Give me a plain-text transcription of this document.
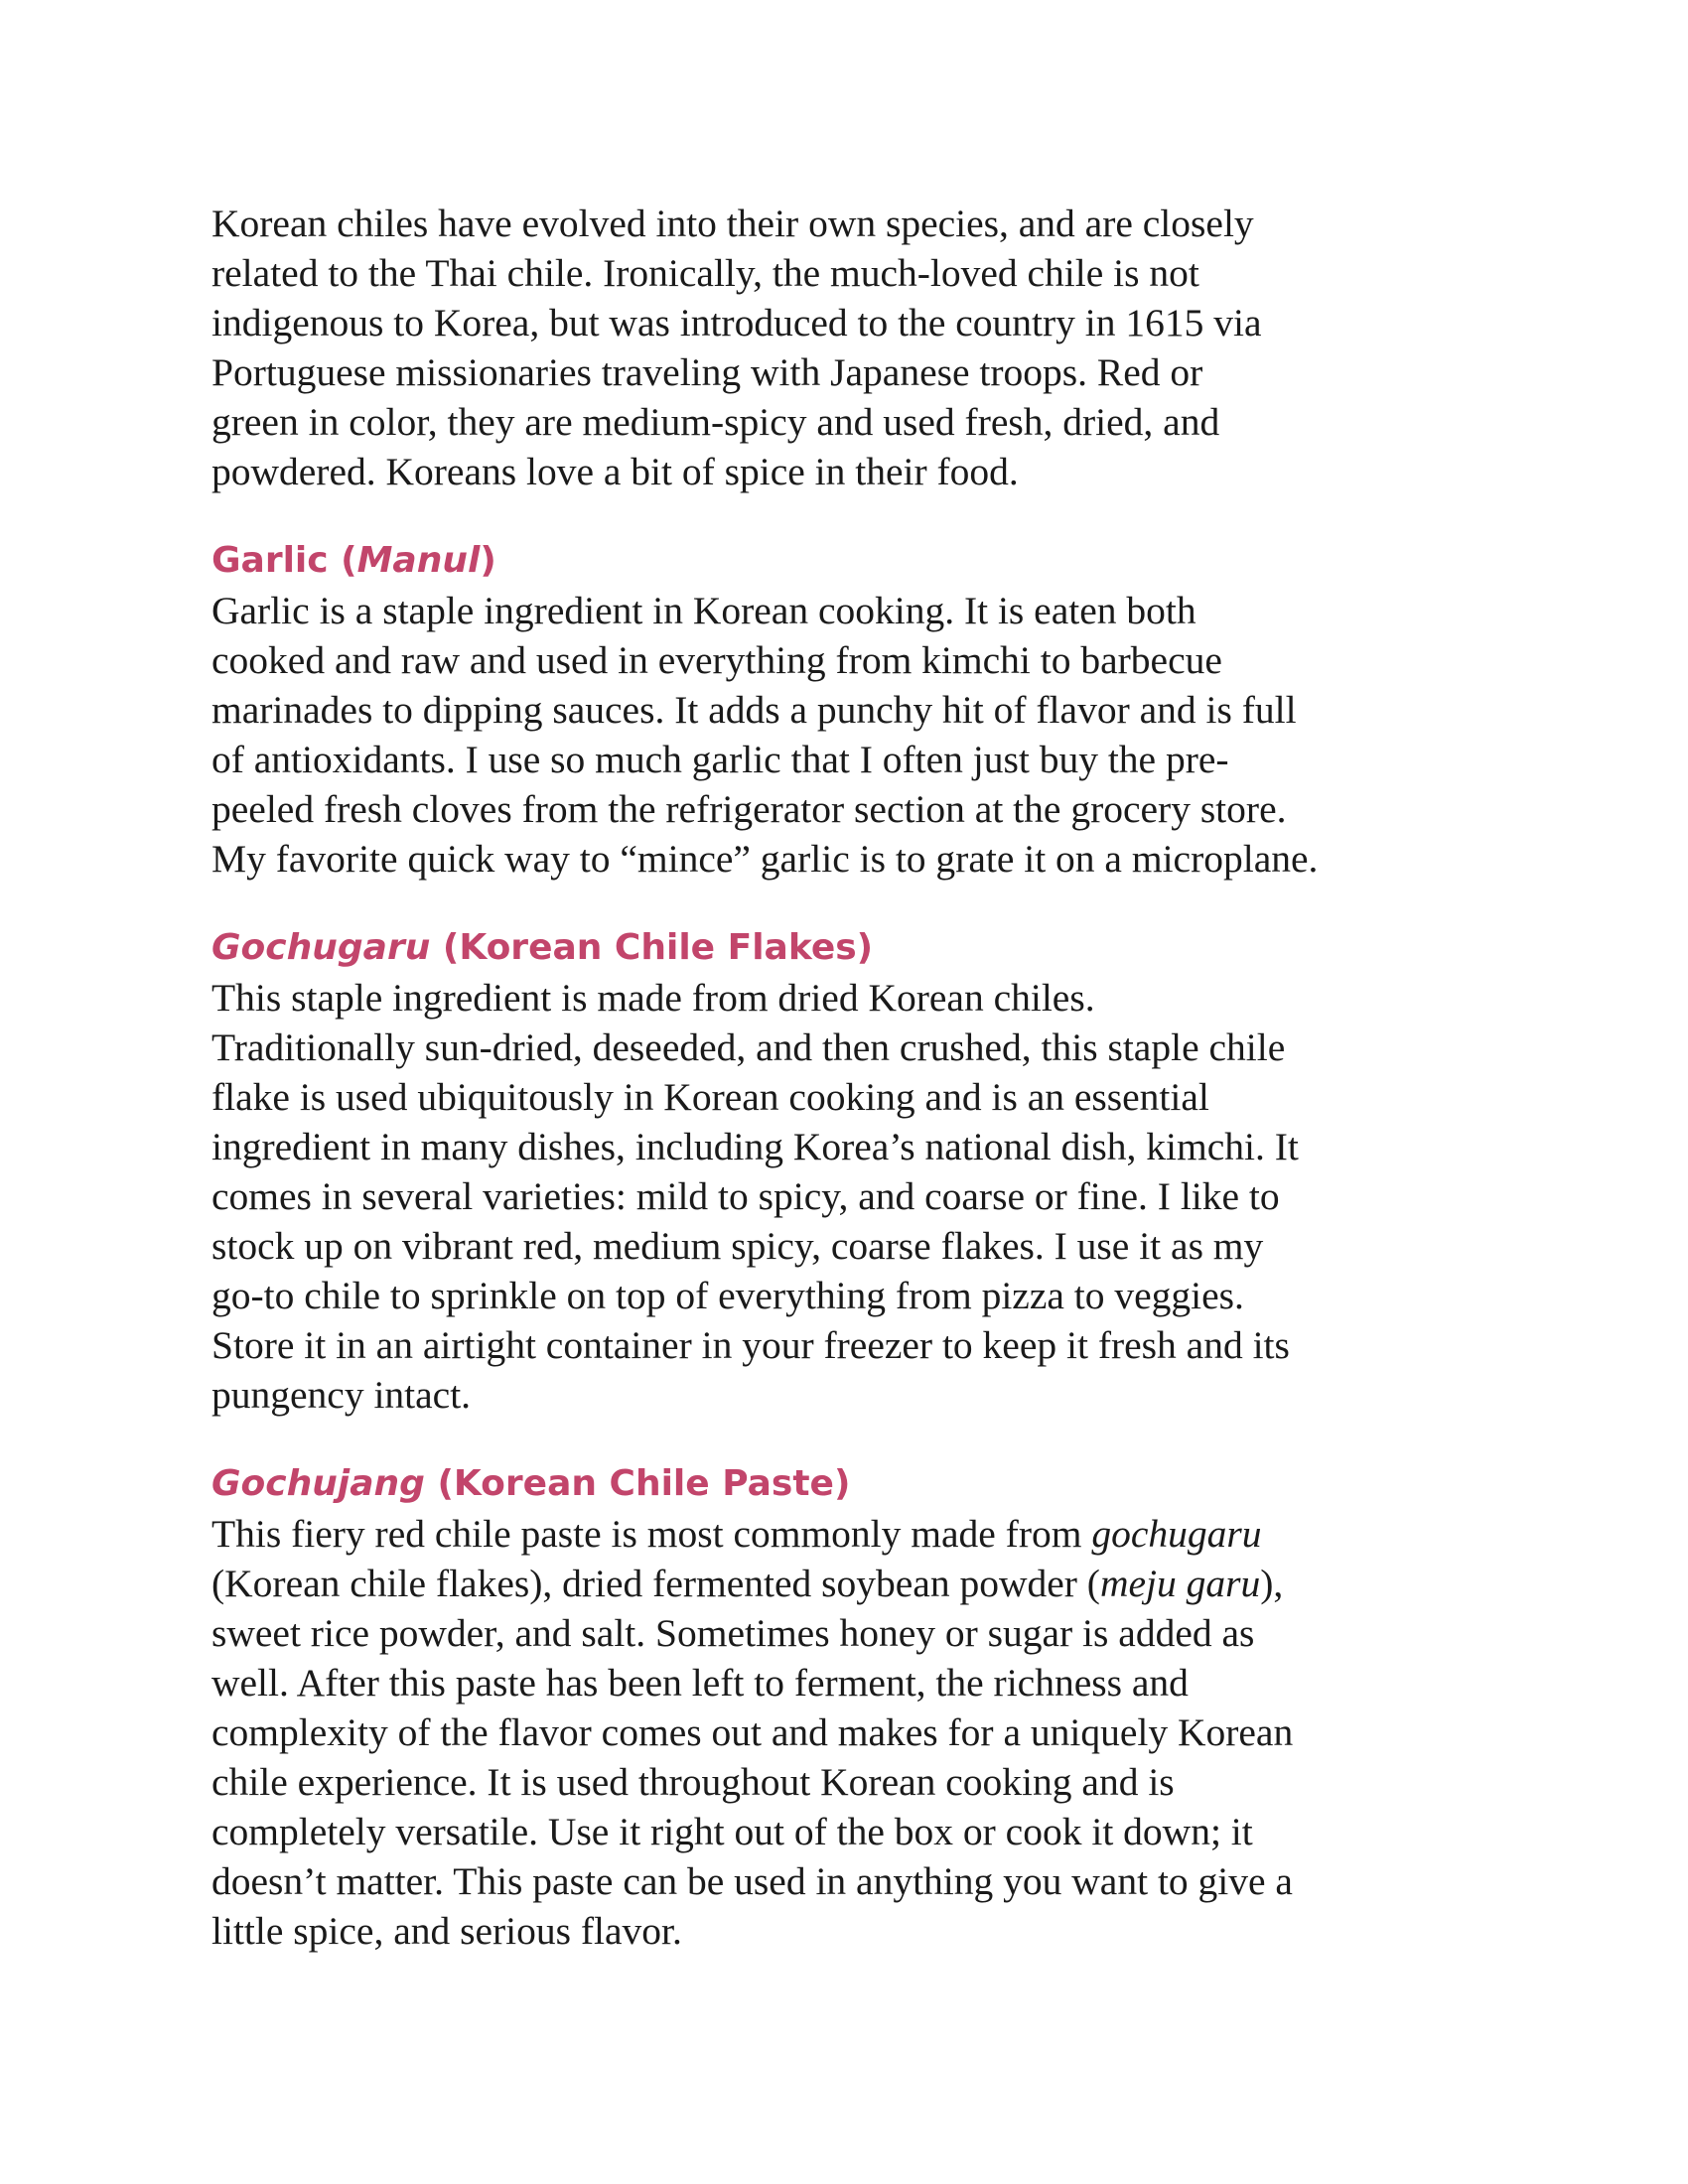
Korean chiles have evolved into their own species, and are closely
related to the Thai chile. Ironically, the much-loved chile is not
indigenous to Korea, but was introduced to the country in 1615 via
Portuguese missionaries traveling with Japanese troops. Red or
green in color, they are medium-spicy and used fresh, dried, and
powdered. Koreans love a bit of spice in their food.

Garlic (Manul)

Garlic is a staple ingredient in Korean cooking. It is eaten both
cooked and raw and used in everything from kimchi to barbecue
marinades to dipping sauces. It adds a punchy hit of flavor and is full
of antioxidants. I use so much garlic that I often just buy the pre-
peeled fresh cloves from the refrigerator section at the grocery store.
My favorite quick way to “mince” garlic is to grate it on a microplane.

Gochugaru (Korean Chile Flakes)

This staple ingredient is made from dried Korean chiles.
Traditionally sun-dried, deseeded, and then crushed, this staple chile
flake is used ubiquitously in Korean cooking and is an essential
ingredient in many dishes, including Korea’s national dish, kimchi. It
comes in several varieties: mild to spicy, and coarse or fine. I like to
stock up on vibrant red, medium spicy, coarse flakes. I use it as my
go-to chile to sprinkle on top of everything from pizza to veggies.
Store it in an airtight container in your freezer to keep it fresh and its
pungency intact.

Gochujang (Korean Chile Paste)

This fiery red chile paste is most commonly made from gochugaru
(Korean chile flakes), dried fermented soybean powder (meju garu),
sweet rice powder, and salt. Sometimes honey or sugar is added as
well. After this paste has been left to ferment, the richness and
complexity of the flavor comes out and makes for a uniquely Korean
chile experience. It is used throughout Korean cooking and is
completely versatile. Use it right out of the box or cook it down; it
doesn’t matter. This paste can be used in anything you want to give a
little spice, and serious flavor.
